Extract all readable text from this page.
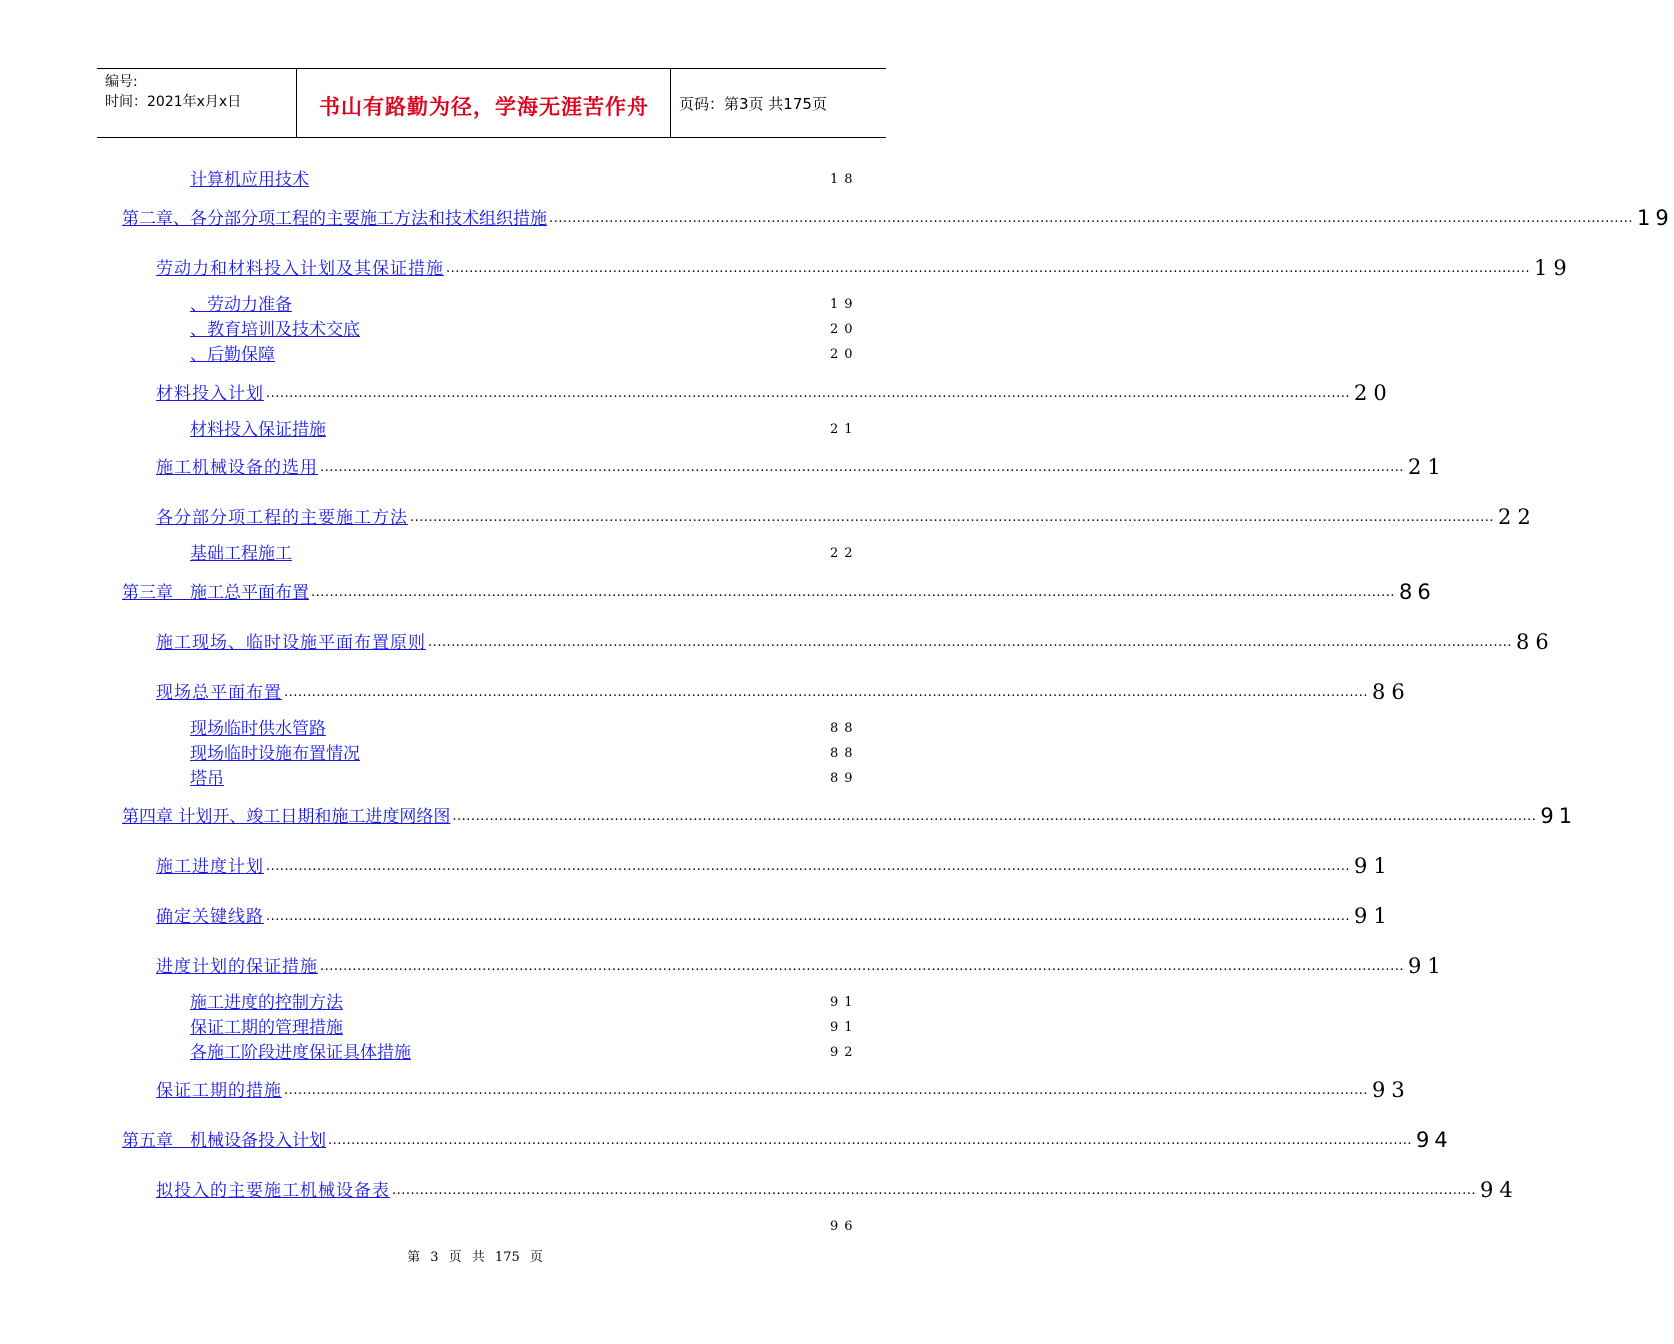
编号:
时间：2021年x月x日	书山有路勤为径，学海无涯苦作舟	页码：第3页 共175页
计算机应用技术	18
第二章、各分部分项工程的主要施工方法和技术组织措施 .......................................................................................................................................................................................................................................... 19
劳动力和材料投入计划及其保证措施 .......................................................................................................................................................................................................................................... 19
、劳动力准备	19
、教育培训及技术交底	20
、后勤保障	20
材料投入计划 .......................................................................................................................................................................................................................................... 20
材料投入保证措施	21
施工机械设备的选用 .......................................................................................................................................................................................................................................... 21
各分部分项工程的主要施工方法 .......................................................................................................................................................................................................................................... 22
基础工程施工	22
第三章　施工总平面布置 .......................................................................................................................................................................................................................................... 86
施工现场、临时设施平面布置原则 .......................................................................................................................................................................................................................................... 86
现场总平面布置 .......................................................................................................................................................................................................................................... 86
现场临时供水管路	88
现场临时设施布置情况	88
塔吊	89
第四章 计划开、竣工日期和施工进度网络图 .......................................................................................................................................................................................................................................... 91
施工进度计划 .......................................................................................................................................................................................................................................... 91
确定关键线路 .......................................................................................................................................................................................................................................... 91
进度计划的保证措施 .......................................................................................................................................................................................................................................... 91
施工进度的控制方法	91
保证工期的管理措施	91
各施工阶段进度保证具体措施	92
保证工期的措施 .......................................................................................................................................................................................................................................... 93
第五章　机械设备投入计划 .......................................................................................................................................................................................................................................... 94
拟投入的主要施工机械设备表 .......................................................................................................................................................................................................................................... 94
96
第 3 页 共 175 页
